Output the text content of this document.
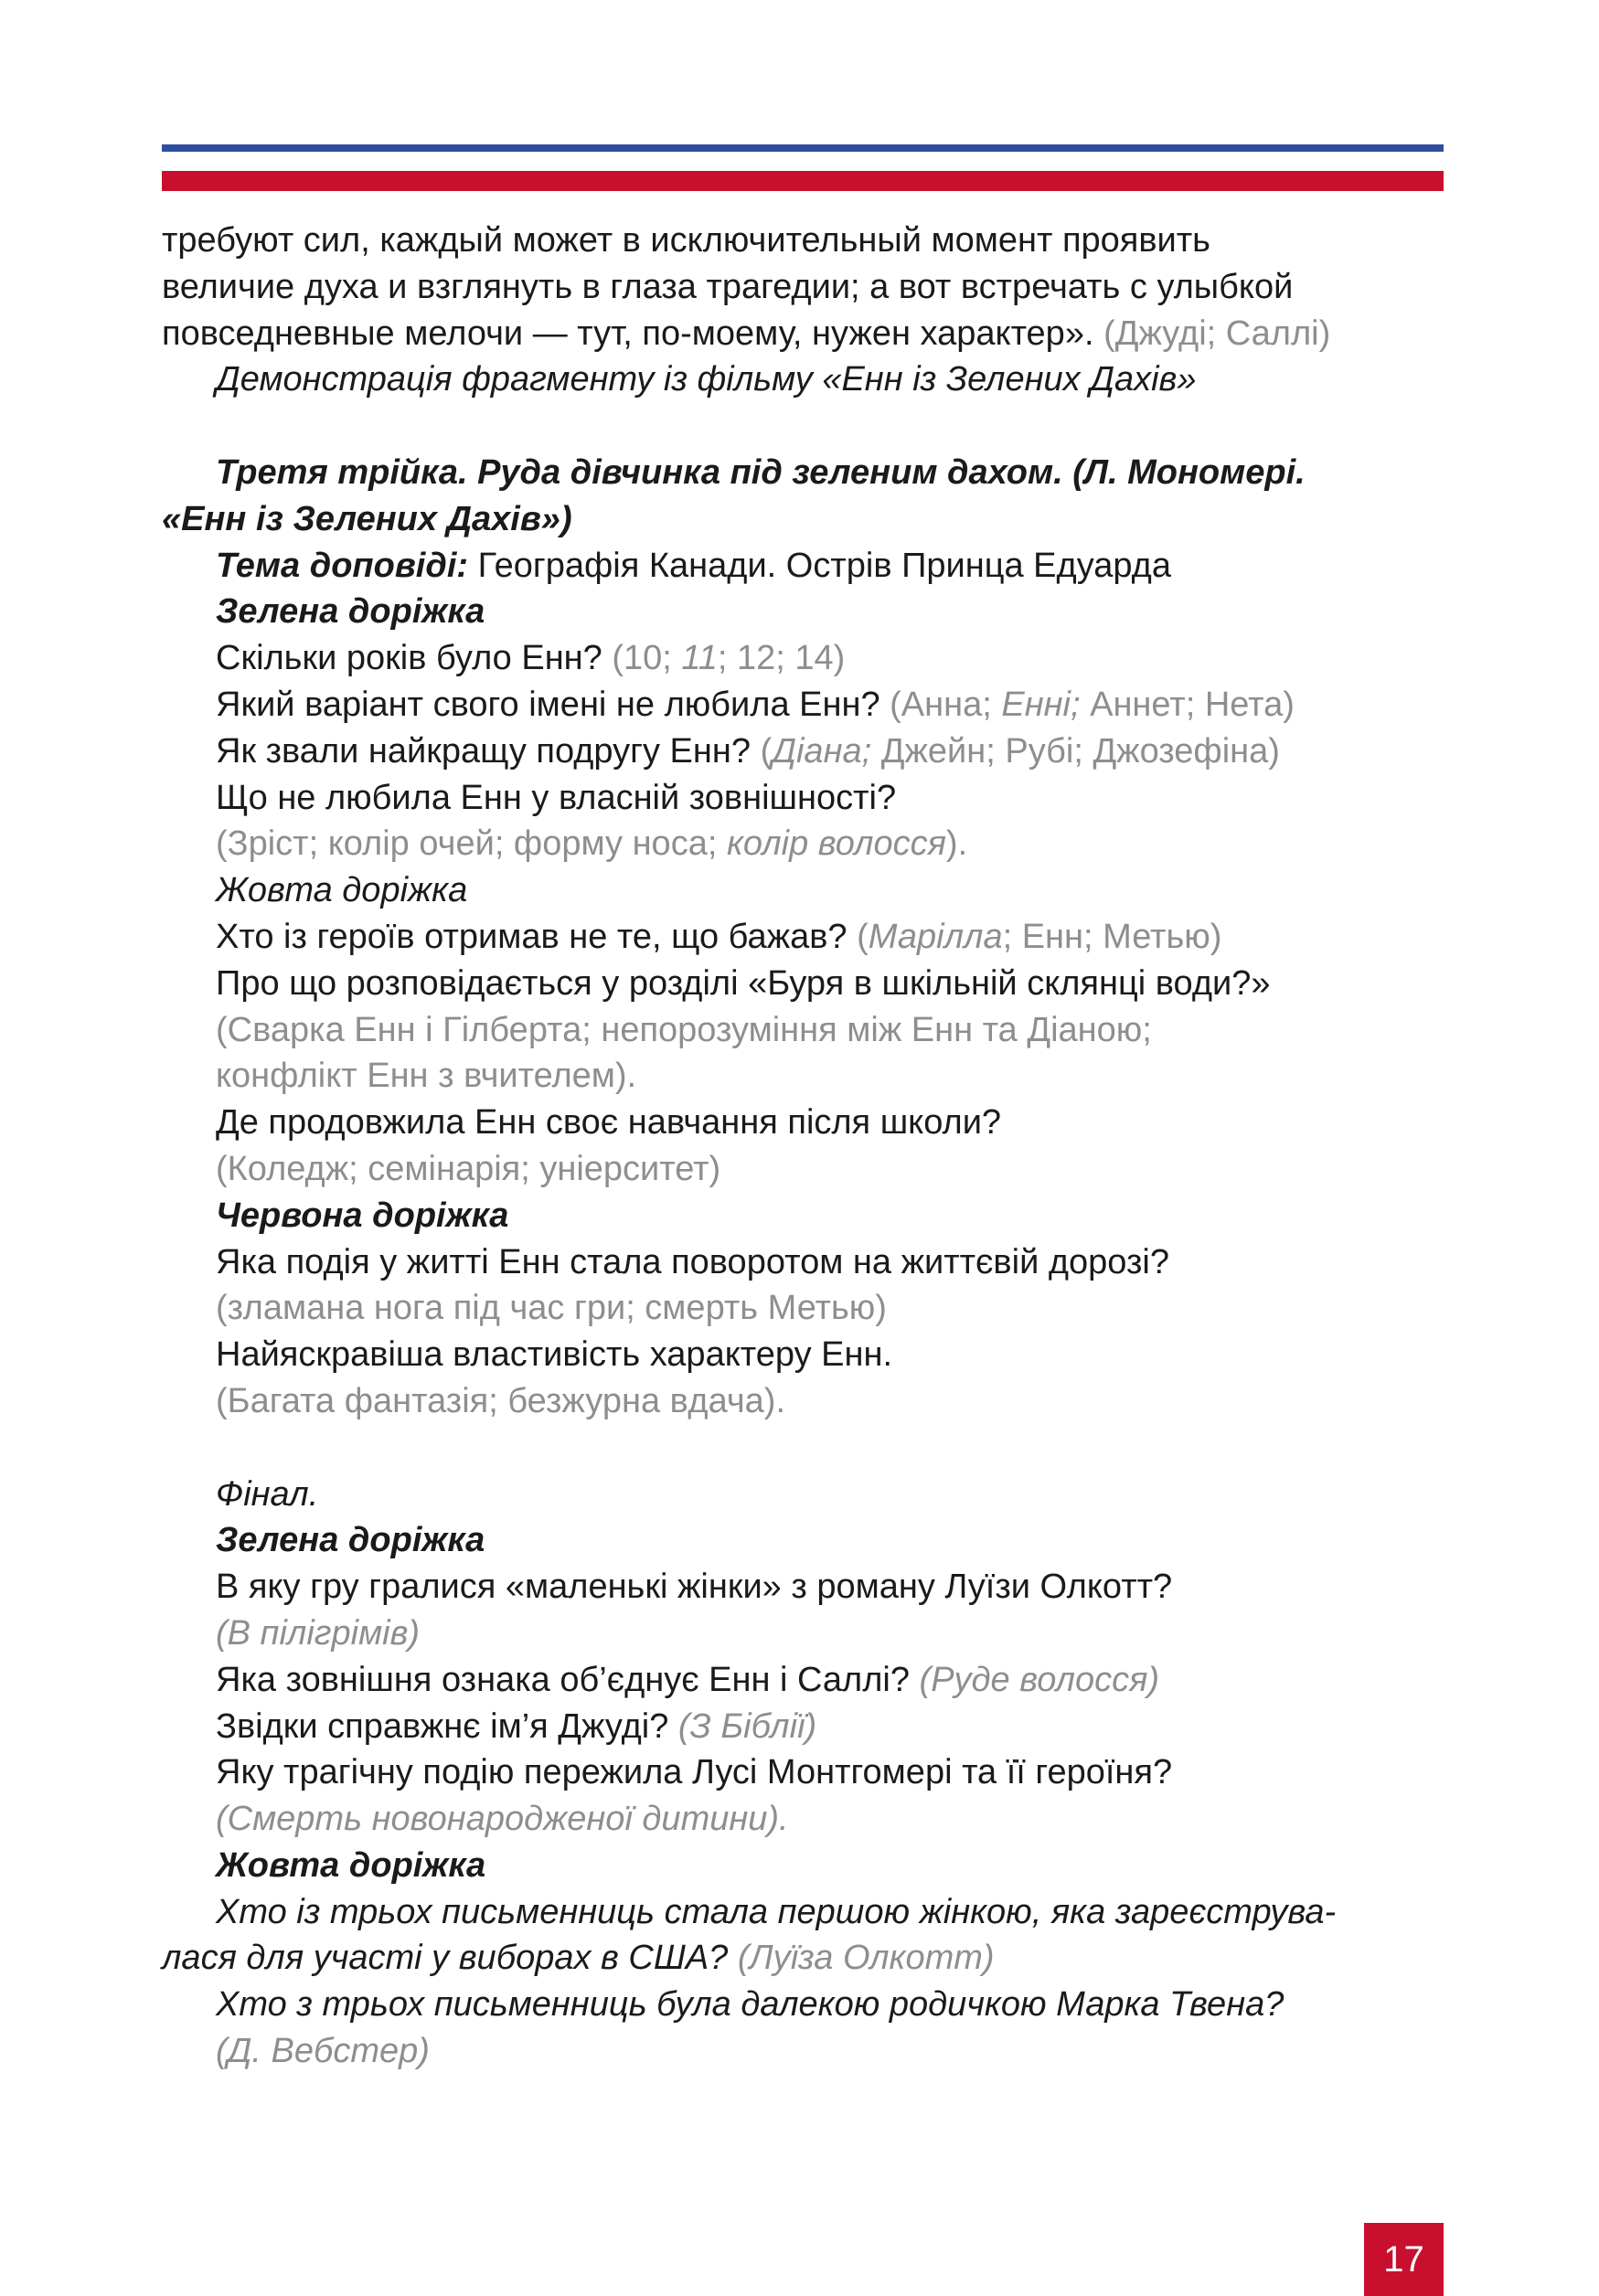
требуют сил, каждый может в исключительный момент проявить
величие духа и взглянуть в глаза трагедии; а вот встречать с улыбкой
повседневные мелочи — тут, по-моему, нужен характер». (Джуді; Саллі)
Демонстрація фрагменту із фільму «Енн із Зелених Дахів»
Третя трійка. Руда дівчинка під зеленим дахом. (Л. Мономері.
«Енн із Зелених Дахів»)
Тема доповіді: Географія Канади. Острів Принца Едуарда
Зелена доріжка
Скільки років було Енн? (10; 11; 12; 14)
Який варіант свого імені не любила Енн? (Анна; Енні; Аннет; Нета)
Як звали найкращу подругу Енн? (Діана; Джейн; Рубі; Джозефіна)
Що не любила Енн у власній зовнішності?
(Зріст; колір очей; форму носа; колір волосся).
Жовта доріжка
Хто із героїв отримав не те, що бажав? (Марілла; Енн; Метью)
Про що розповідається у розділі «Буря в шкільній склянці води?»
(Сварка Енн і Гілберта; непорозуміння між Енн та Діаною;
конфлікт Енн з вчителем).
Де продовжила Енн своє навчання після школи?
(Коледж; семінарія; уніерситет)
Червона доріжка
Яка подія у житті Енн стала поворотом на життєвій дорозі?
(зламана нога під час гри; смерть Метью)
Найяскравіша властивість характеру Енн.
(Багата фантазія; безжурна вдача).
Фінал.
Зелена доріжка
В яку гру гралися «маленькі жінки» з роману Луїзи Олкотт?
(В пілігрімів)
Яка зовнішня ознака об’єднує Енн і Саллі? (Руде волосся)
Звідки справжнє ім’я Джуді? (З Біблії)
Яку трагічну подію пережила Лусі Монтгомері та її героїня?
(Смерть новонародженої дитини).
Жовта доріжка
Хто із трьох письменниць стала першою жінкою, яка зареєструва-
лася для участі у виборах в США? (Луїза Олкотт)
Хто з трьох письменниць була далекою родичкою Марка Твена?
(Д. Вебстер)
17
